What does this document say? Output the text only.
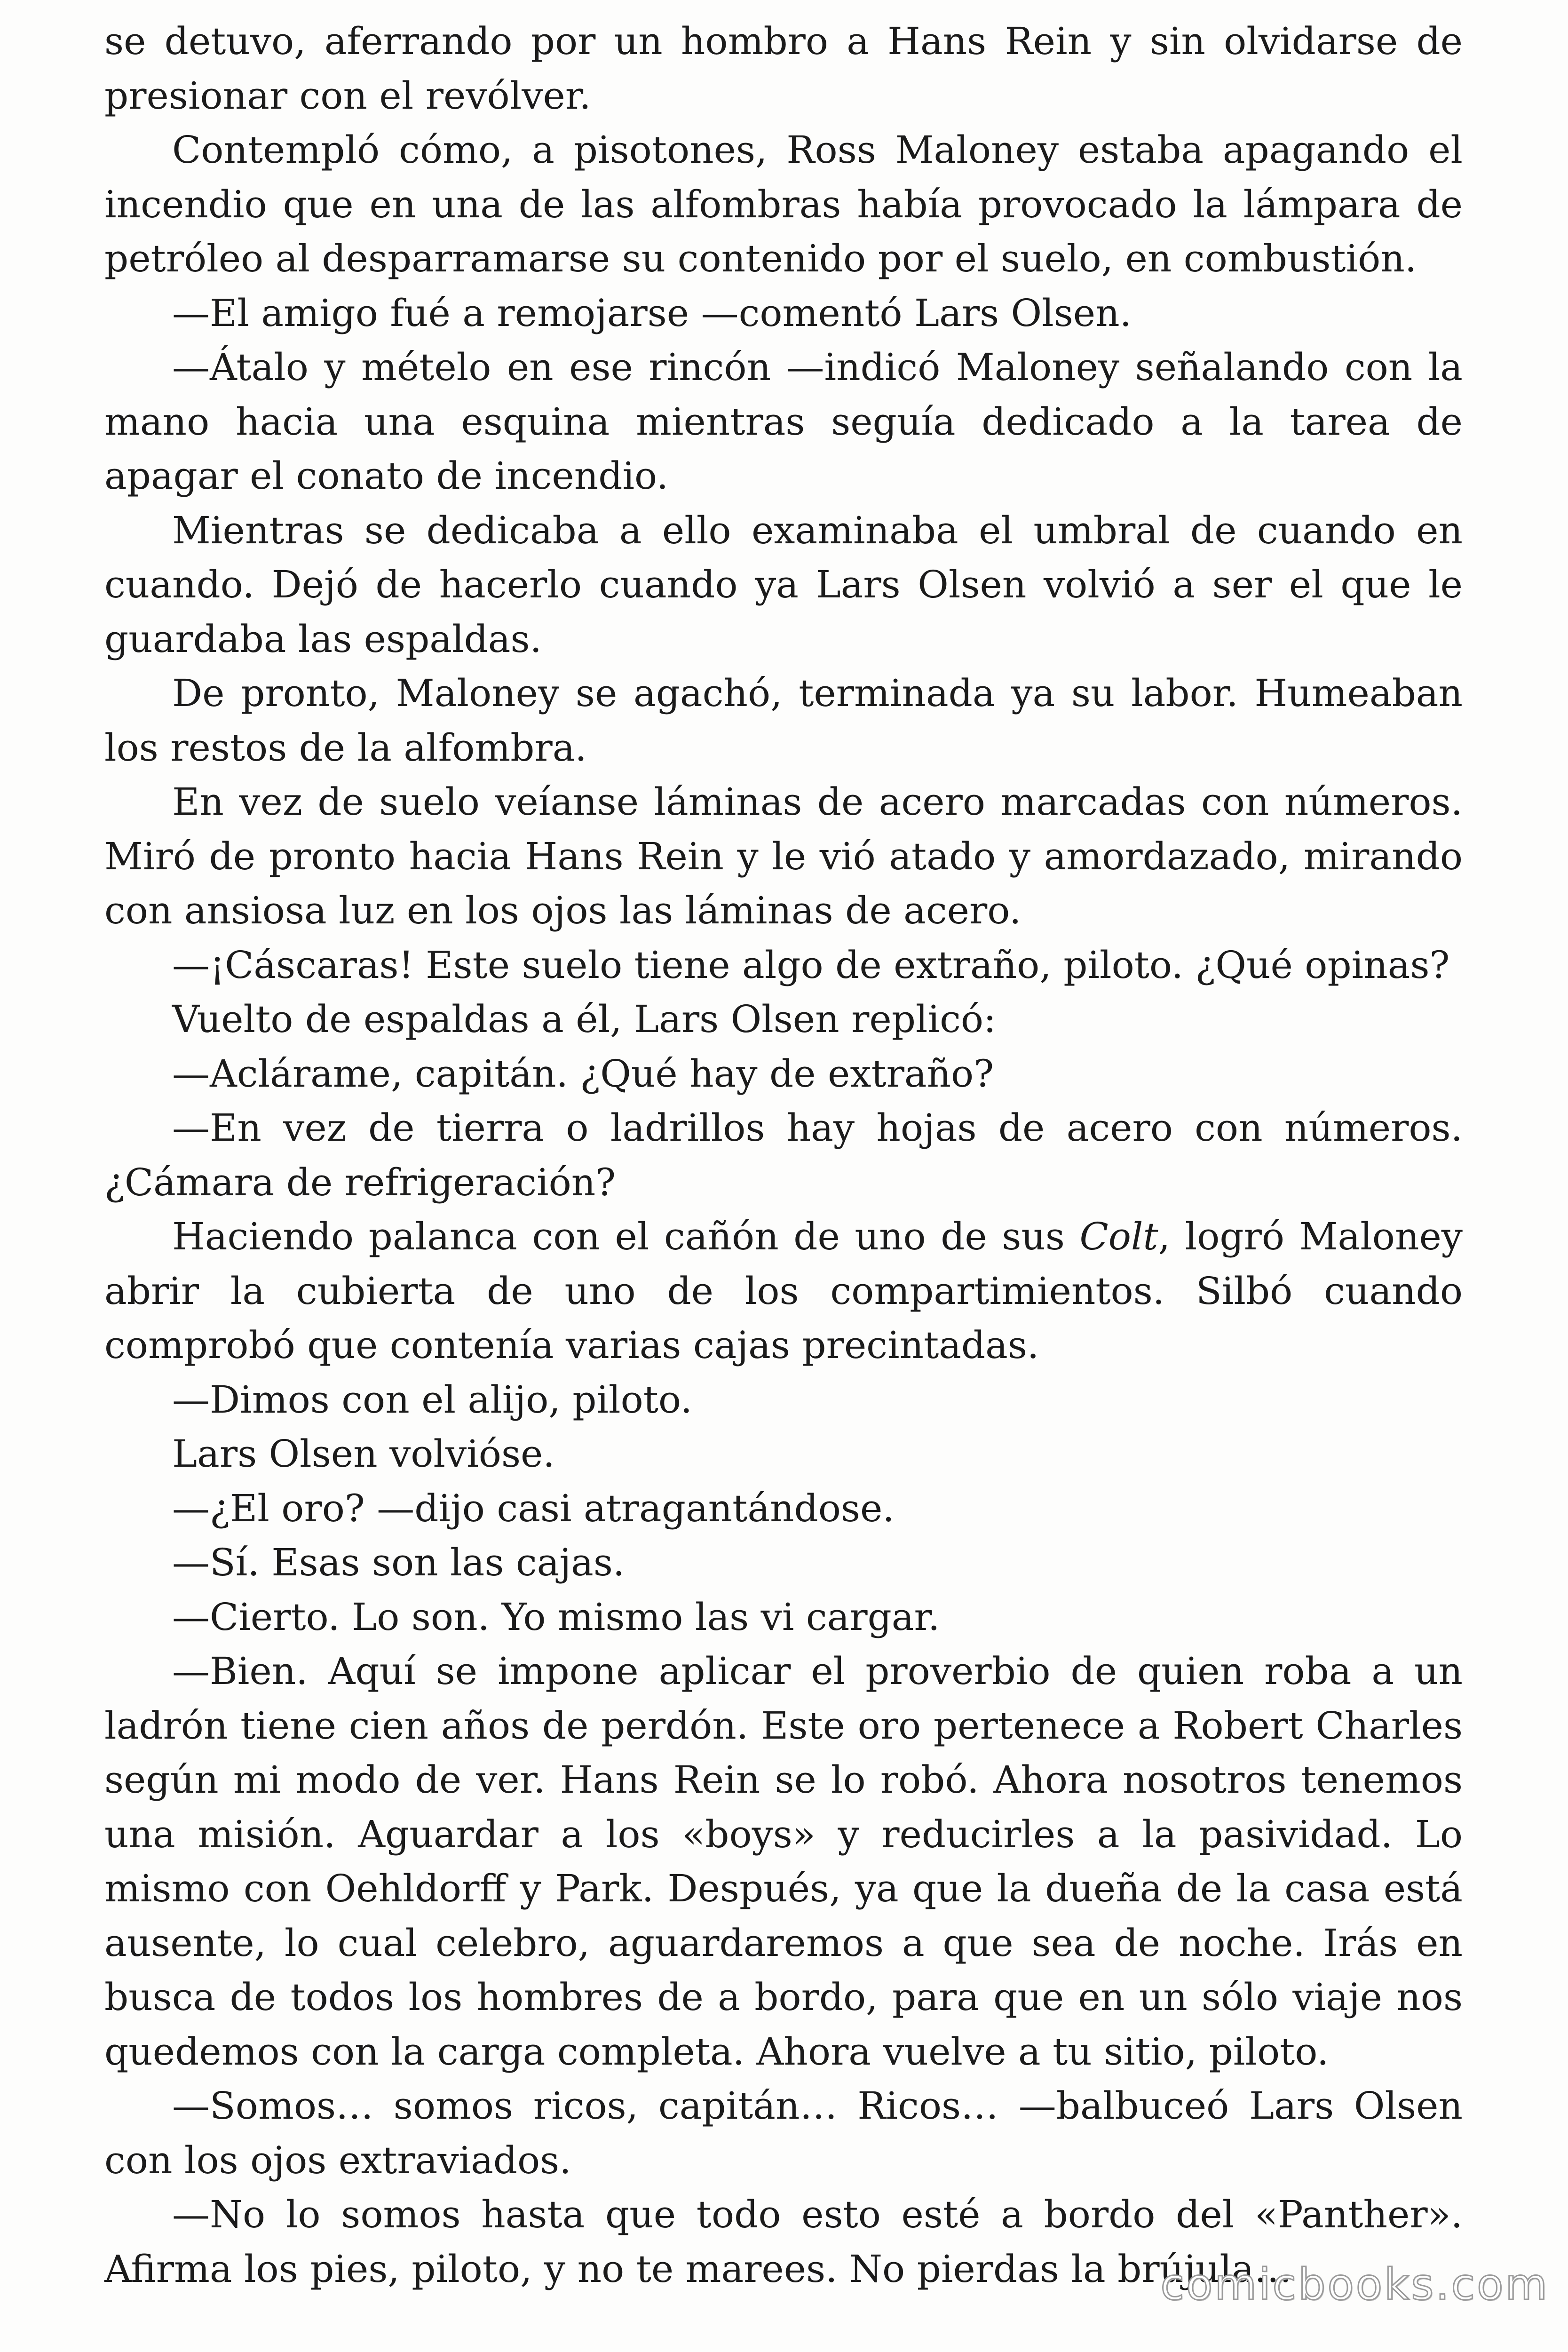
se detuvo, aferrando por un hombro a Hans Rein y sin olvidarse de presionar con el revólver.

Contempló cómo, a pisotones, Ross Maloney estaba apagando el incendio que en una de las alfombras había provocado la lámpara de petróleo al desparramarse su contenido por el suelo, en combustión.

—El amigo fué a remojarse —comentó Lars Olsen.

—Átalo y mételo en ese rincón —indicó Maloney señalando con la mano hacia una esquina mientras seguía dedicado a la tarea de apagar el conato de incendio.

Mientras se dedicaba a ello examinaba el umbral de cuando en cuando. Dejó de hacerlo cuando ya Lars Olsen volvió a ser el que le guardaba las espaldas.

De pronto, Maloney se agachó, terminada ya su labor. Humeaban los restos de la alfombra.

En vez de suelo veíanse láminas de acero marcadas con números. Miró de pronto hacia Hans Rein y le vió atado y amordazado, mirando con ansiosa luz en los ojos las láminas de acero.

—¡Cáscaras! Este suelo tiene algo de extraño, piloto. ¿Qué opinas?

Vuelto de espaldas a él, Lars Olsen replicó:

—Aclárame, capitán. ¿Qué hay de extraño?

—En vez de tierra o ladrillos hay hojas de acero con números. ¿Cámara de refrigeración?

Haciendo palanca con el cañón de uno de sus Colt, logró Maloney abrir la cubierta de uno de los compartimientos. Silbó cuando comprobó que contenía varias cajas precintadas.

—Dimos con el alijo, piloto.

Lars Olsen volvióse.

—¿El oro? —dijo casi atragantándose.

—Sí. Esas son las cajas.

—Cierto. Lo son. Yo mismo las vi cargar.

—Bien. Aquí se impone aplicar el proverbio de quien roba a un ladrón tiene cien años de perdón. Este oro pertenece a Robert Charles según mi modo de ver. Hans Rein se lo robó. Ahora nosotros tenemos una misión. Aguardar a los «boys» y reducirles a la pasividad. Lo mismo con Oehldorff y Park. Después, ya que la dueña de la casa está ausente, lo cual celebro, aguardaremos a que sea de noche. Irás en busca de todos los hombres de a bordo, para que en un sólo viaje nos quedemos con la carga completa. Ahora vuelve a tu sitio, piloto.

—Somos… somos ricos, capitán… Ricos… —balbuceó Lars Olsen con los ojos extraviados.

—No lo somos hasta que todo esto esté a bordo del «Panther». Afirma los pies, piloto, y no te marees. No pierdas la brújula…

comicbooks.com
